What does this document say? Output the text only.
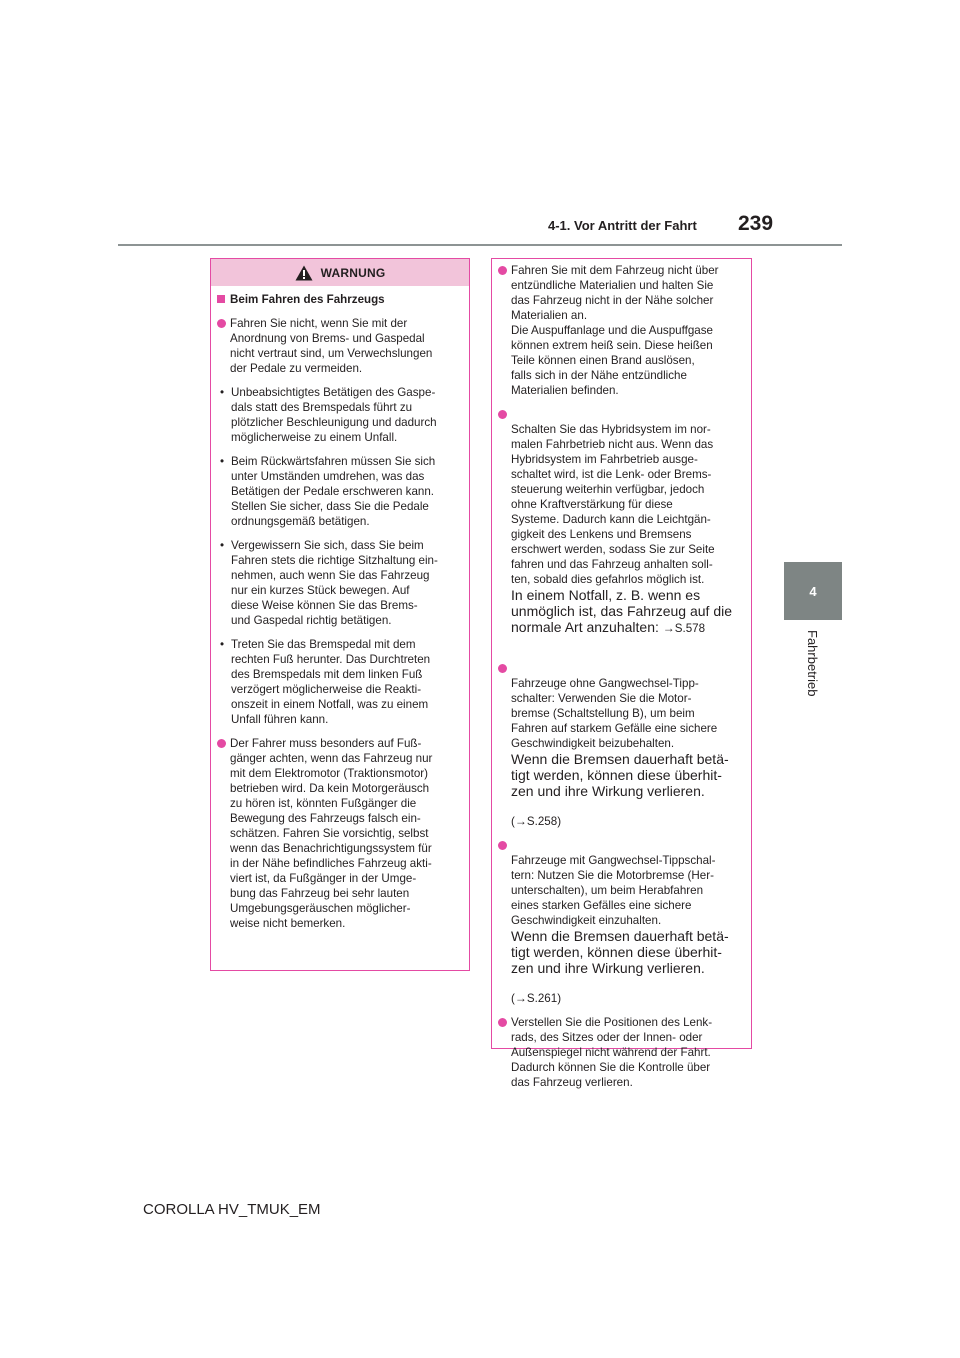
4-1. Vor Antritt der Fahrt 239
4
Fahrbetrieb
WARNUNG
Beim Fahren des Fahrzeugs
Fahren Sie nicht, wenn Sie mit der
Anordnung von Brems- und Gaspedal
nicht vertraut sind, um Verwechslungen
der Pedale zu vermeiden.
• Unbeabsichtigtes Betätigen des Gaspe-
dals statt des Bremspedals führt zu
plötzlicher Beschleunigung und dadurch
möglicherweise zu einem Unfall.
• Beim Rückwärtsfahren müssen Sie sich
unter Umständen umdrehen, was das
Betätigen der Pedale erschweren kann.
Stellen Sie sicher, dass Sie die Pedale
ordnungsgemäß betätigen.
• Vergewissern Sie sich, dass Sie beim
Fahren stets die richtige Sitzhaltung ein-
nehmen, auch wenn Sie das Fahrzeug
nur ein kurzes Stück bewegen. Auf
diese Weise können Sie das Brems-
und Gaspedal richtig betätigen.
• Treten Sie das Bremspedal mit dem
rechten Fuß herunter. Das Durchtreten
des Bremspedals mit dem linken Fuß
verzögert möglicherweise die Reakti-
onszeit in einem Notfall, was zu einem
Unfall führen kann.
Der Fahrer muss besonders auf Fuß-
gänger achten, wenn das Fahrzeug nur
mit dem Elektromotor (Traktionsmotor)
betrieben wird. Da kein Motorgeräusch
zu hören ist, könnten Fußgänger die
Bewegung des Fahrzeugs falsch ein-
schätzen. Fahren Sie vorsichtig, selbst
wenn das Benachrichtigungssystem für
in der Nähe befindliches Fahrzeug akti-
viert ist, da Fußgänger in der Umge-
bung das Fahrzeug bei sehr lauten
Umgebungsgeräuschen möglicher-
weise nicht bemerken.
Fahren Sie mit dem Fahrzeug nicht über
entzündliche Materialien und halten Sie
das Fahrzeug nicht in der Nähe solcher
Materialien an.
Die Auspuffanlage und die Auspuffgase
können extrem heiß sein. Diese heißen
Teile können einen Brand auslösen,
falls sich in der Nähe entzündliche
Materialien befinden.

Schalten Sie das Hybridsystem im nor-
malen Fahrbetrieb nicht aus. Wenn das
Hybridsystem im Fahrbetrieb ausge-
schaltet wird, ist die Lenk- oder Brems-
steuerung weiterhin verfügbar, jedoch
ohne Kraftverstärkung für diese
Systeme. Dadurch kann die Leichtgän-
gigkeit des Lenkens und Bremsens
erschwert werden, sodass Sie zur Seite
fahren und das Fahrzeug anhalten soll-
ten, sobald dies gefahrlos möglich ist.

In einem Notfall, z. B. wenn es
unmöglich ist, das Fahrzeug auf die
normale Art anzuhalten: →S.578

Fahrzeuge ohne Gangwechsel-Tipp-
schalter: Verwenden Sie die Motor-
bremse (Schaltstellung B), um beim
Fahren auf starkem Gefälle eine sichere
Geschwindigkeit beizubehalten.

Wenn die Bremsen dauerhaft betä-
tigt werden, können diese überhit-
zen und ihre Wirkung verlieren.

(→S.258)

Fahrzeuge mit Gangwechsel-Tippschal-
tern: Nutzen Sie die Motorbremse (Her-
unterschalten), um beim Herabfahren
eines starken Gefälles eine sichere
Geschwindigkeit einzuhalten.

Wenn die Bremsen dauerhaft betä-
tigt werden, können diese überhit-
zen und ihre Wirkung verlieren.

(→S.261)

Verstellen Sie die Positionen des Lenk-
rads, des Sitzes oder der Innen- oder
Außenspiegel nicht während der Fahrt.
Dadurch können Sie die Kontrolle über
das Fahrzeug verlieren.
COROLLA HV_TMUK_EM
